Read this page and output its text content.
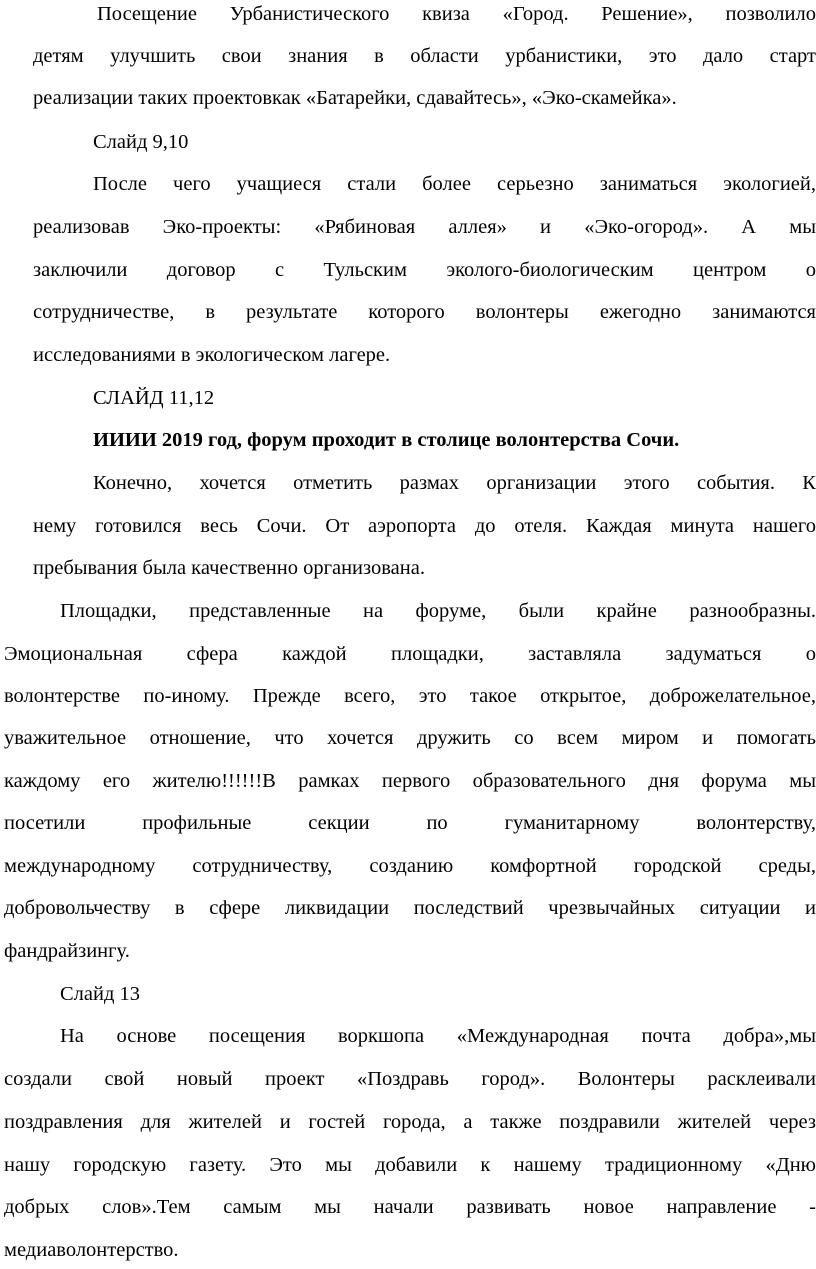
Посещение Урбанистического квиза «Город. Решение», позволило
детям улучшить свои знания в области урбанистики, это дало старт
реализации таких проектовкак «Батарейки, сдавайтесь», «Эко-скамейка».
Слайд 9,10
После чего учащиеся стали более серьезно заниматься экологией,
реализовав Эко-проекты: «Рябиновая аллея» и «Эко-огород». А мы
заключили договор с Тульским эколого-биологическим центром о
сотрудничестве, в результате которого волонтеры ежегодно занимаются
исследованиями в экологическом лагере.
СЛАЙД 11,12
ИИИИ 2019 год, форум проходит в столице волонтерства Сочи.
Конечно, хочется отметить размах организации этого события. К
нему готовился весь Сочи. От аэропорта до отеля. Каждая минута нашего
пребывания была качественно организована.
Площадки, представленные на форуме, были крайне разнообразны.
Эмоциональная сфера каждой площадки, заставляла задуматься о
волонтерстве по-иному. Прежде всего, это такое открытое, доброжелательное,
уважительное отношение, что хочется дружить со всем миром и помогать
каждому его жителю!!!!!!В рамках первого образовательного дня форума мы
посетили профильные секции по гуманитарному волонтерству,
международному сотрудничеству, созданию комфортной городской среды,
добровольчеству в сфере ликвидации последствий чрезвычайных ситуации и
фандрайзингу.
Слайд 13
На основе посещения воркшопа «Международная почта добра»,мы
создали свой новый проект «Поздравь город». Волонтеры расклеивали
поздравления для жителей и гостей города, а также поздравили жителей через
нашу городскую газету. Это мы добавили к нашему традиционному «Дню
добрых слов».Тем самым мы начали развивать новое направление -
медиаволонтерство.
